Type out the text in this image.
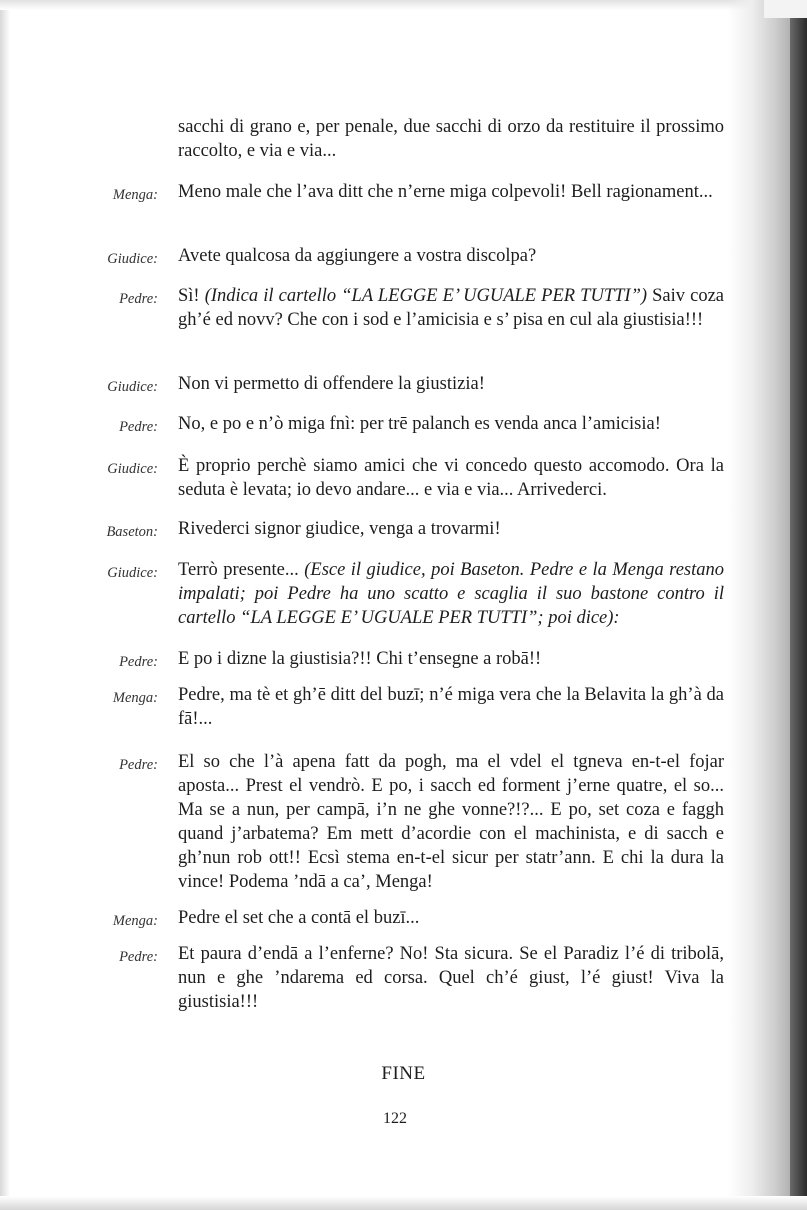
sacchi di grano e, per penale, due sacchi di orzo da restituire il prossimo raccolto, e via e via...
Menga: Meno male che l’ava ditt che n’erne miga colpevoli! Bell ragionament...
Giudice: Avete qualcosa da aggiungere a vostra discolpa?
Pedre: Sì! (Indica il cartello “LA LEGGE E’ UGUALE PER TUTTI”) Saiv coza gh’é ed novv? Che con i sod e l’amicisia e s’ pisa en cul ala giustisia!!!
Giudice: Non vi permetto di offendere la giustizia!
Pedre: No, e po e n’ò miga fnì: per trē palanch es venda anca l’amicisia!
Giudice: È proprio perchè siamo amici che vi concedo questo accomodo. Ora la seduta è levata; io devo andare... e via e via... Arrivederci.
Baseton: Rivederci signor giudice, venga a trovarmi!
Giudice: Terrò presente... (Esce il giudice, poi Baseton. Pedre e la Menga restano impalati; poi Pedre ha uno scatto e scaglia il suo bastone contro il cartello “LA LEGGE E’ UGUALE PER TUTTI”; poi dice):
Pedre: E po i dizne la giustisia?!! Chi t’ensegne a robā!!
Menga: Pedre, ma tè et gh’ē ditt del buzī; n’é miga vera che la Belavita la gh’à da fā!...
Pedre: El so che l’à apena fatt da pogh, ma el vdel el tgneva en-t-el fojar aposta... Prest el vendrò. E po, i sacch ed forment j’erne quatre, el so... Ma se a nun, per campā, i’n ne ghe vonne?!?... E po, set coza e faggh quand j’arbatema? Em mett d’acordie con el machinista, e di sacch e gh’nun rob ott!! Ecsì stema en-t-el sicur per statr’ann. E chi la dura la vince! Podema ’ndā a ca’, Menga!
Menga: Pedre el set che a contā el buzī...
Pedre: Et paura d’endā a l’enferne? No! Sta sicura. Se el Paradiz l’é di tribolā, nun e ghe ’ndarema ed corsa. Quel ch’é giust, l’é giust! Viva la giustisia!!!
FINE
122
